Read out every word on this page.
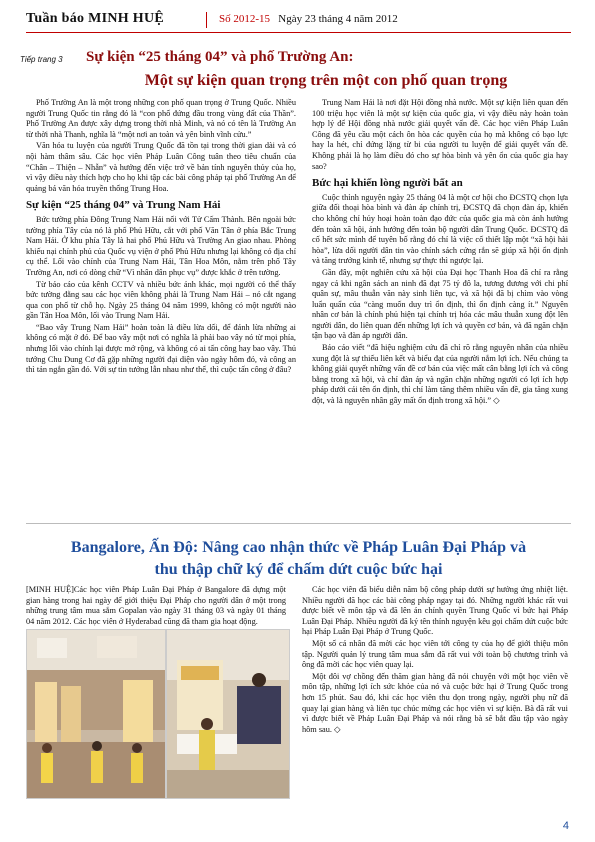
Tuần báo MINH HUỆ	Số 2012-15 Ngày 23 tháng 4 năm 2012
Tiếp trang 3 Sự kiện “25 tháng 04” và phố Trường An:
Một sự kiện quan trọng trên một con phố quan trọng

Phố Trường An là một trong những con phố quan trọng ở Trung Quốc. Nhiều người Trung Quốc tin rằng đó là “con phố đứng đầu trong vùng đất của Thần”. Phố Trường An được xây dựng trong thời nhà Minh, và nó có tên là Trường An từ thời nhà Thanh, nghĩa là “một nơi an toàn và yên bình vĩnh cửu.”

Văn hóa tu luyện của người Trung Quốc đã tồn tại trong thời gian dài và có nội hàm thâm sâu. Các học viên Pháp Luân Công tuân theo tiêu chuẩn của “Chân – Thiện – Nhẫn” và hướng đến việc trở về bản tính nguyên thủy của họ, vì vậy điều này thích hợp cho họ khi tập các bài công pháp tại phố Trường An để quảng bá văn hóa truyền thống Trung Hoa.

Sự kiện “25 tháng 04” và Trung Nam Hải

Bức tường phía Đông Trung Nam Hải nối với Tử Cấm Thành. Bên ngoài bức tường phía Tây của nó là phố Phủ Hữu, cắt với phố Văn Tân ở phía Bắc Trung Nam Hải. Ở khu phía Tây là hai phố Phủ Hữu và Trường An giao nhau. Phòng khiếu nại chính phủ của Quốc vụ viện ở phố Phủ Hữu nhưng lại không có địa chỉ cụ thể. Lối vào chính của Trung Nam Hải, Tân Hoa Môn, nằm trên phố Tây Trường An, nơi có dòng chữ “Vì nhân dân phục vụ” được khắc ở trên tường.

Từ báo cáo của kênh CCTV và nhiều bức ảnh khác, mọi người có thể thấy bức tường đằng sau các học viên không phải là Trung Nam Hải – nó cắt ngang qua con phố từ chỗ họ. Ngày 25 tháng 04 năm 1999, không có một người nào gần Tân Hoa Môn, lối vào Trung Nam Hải.

“Bao vây Trung Nam Hải” hoàn toàn là điều lừa dối, để đánh lừa những ai không có mặt ở đó. Để bao vây một nơi có nghĩa là phải bao vây nó từ mọi phía, nhưng lối vào chính lại được mở rộng, và không có ai tấn công hay bao vây. Thủ tướng Chu Dung Cơ đã gặp những người đại diện vào ngày hôm đó, và công an thì tản ngắn gần đó. Với sự tin tưởng lẫn nhau như thế, thì cuộc tấn công ở đâu?

Trung Nam Hải là nơi đặt Hội đồng nhà nước. Một sự kiện liên quan đến 100 triệu học viên là một sự kiện của quốc gia, vì vậy điều này hoàn toàn hợp lý để Hội đồng nhà nước giải quyết vấn đề. Các học viên Pháp Luân Công đã yêu cầu một cách ôn hòa các quyền của họ mà không có bạo lực hay la hét, chỉ đứng lặng từ bi của người tu luyện để giải quyết vấn đề. Không phải là họ làm điều đó cho sự hòa bình và yên ổn của quốc gia hay sao?

Bức hại khiến lòng người bất an

Cuộc thỉnh nguyện ngày 25 tháng 04 là một cơ hội cho ĐCSTQ chọn lựa giữa đối thoại hòa bình và đàn áp chính trị, ĐCSTQ đã chọn đàn áp, khiến cho không chỉ hủy hoại hoàn toàn đạo đức của quốc gia mà còn ảnh hưởng đến toàn xã hội, ảnh hưởng đến toàn bộ người dân Trung Quốc. ĐCSTQ đã cố hết sức mình để tuyên bố rằng đó chỉ là việc cố thiết lập một “xã hội hài hòa”, lừa dối người dân tin vào chính sách cứng rắn sẽ giúp xã hội ổn định và tăng trưởng kinh tế, nhưng sự thực thì ngược lại.

Gần đây, một nghiên cứu xã hội của Đại học Thanh Hoa đã chỉ ra rằng ngay cả khi ngân sách an ninh đã đạt 75 tỷ đô la, tương đương với chi phí quân sự, mâu thuẫn văn này sinh liên tục, và xã hội đã bị chìm vào vòng luẩn quẩn của “càng muốn duy trì ổn định, thì ổn định càng ít.” Nguyên nhân cơ bản là chính phủ hiện tại chính trị hóa các mâu thuẫn xung đột lên người dân, do liên quan đến những lợi ích và quyền cơ bản, và đã ngăn chặn tận bạo và đàn áp người dân.

Báo cáo viết “đã hiệu nghiệm cứu đã chỉ rõ rằng nguyên nhân của nhiều xung đột là sự thiếu liên kết và biểu đạt của người nắm lợi ích. Nếu chúng ta không giải quyết những vấn đề cơ bản của việc mất cân bằng lợi ích và công bằng trong xã hội, và chỉ đàn áp và ngăn chặn những người có lợi ích hợp pháp dưới cái tên ổn định, thì chỉ làm tăng thêm nhiều vấn đề, gia tăng xung đột, và là nguyên nhân gây mất ổn định trong xã hội.” ◇

Bangalore, Ấn Độ: Nâng cao nhận thức về Pháp Luân Đại Pháp và
thu thập chữ ký để chấm dứt cuộc bức hại

[MINH HUỆ]Các học viên Pháp Luân Đại Pháp ở Bangalore đã dựng một gian hàng trong hai ngày để giới thiệu Đại Pháp cho người dân ở một trong những trung tâm mua sắm Gopalan vào ngày 31 tháng 03 và ngày 01 tháng 04 năm 2012. Các học viên ở Hyderabad cũng đã tham gia hoạt động.

Các học viên đã biểu diễn năm bộ công pháp dưới sự hưởng ứng nhiệt liệt. Nhiều người đã học các bài công pháp ngay tại đó. Những người khác rất vui được biết về môn tập và đã lên án chính quyền Trung Quốc vì bức hại Pháp Luân Đại Pháp. Nhiều người đã ký tên thỉnh nguyện kêu gọi chấm dứt cuộc bức hại Pháp Luân Đại Pháp ở Trung Quốc.

Một số cá nhân đã mời các học viên tới công ty của họ để giới thiệu môn tập. Người quản lý trung tâm mua sắm đã rất vui với toàn bộ chương trình và ông đã mời các học viên quay lại.

Một đôi vợ chồng đến thăm gian hàng đã nói chuyện với một học viên về môn tập, những lợi ích sức khỏe của nó và cuộc bức hại ở Trung Quốc trong hơn 15 phút. Sau đó, khi các học viên thu dọn trong ngày, người phụ nữ đã quay lại gian hàng và liên tục chúc mừng các học viên vì sự kiện. Bà đã rất vui vì được biết về Pháp Luân Đại Pháp và nói rằng bà sẽ bắt đầu tập vào ngày hôm sau. ◇

4
